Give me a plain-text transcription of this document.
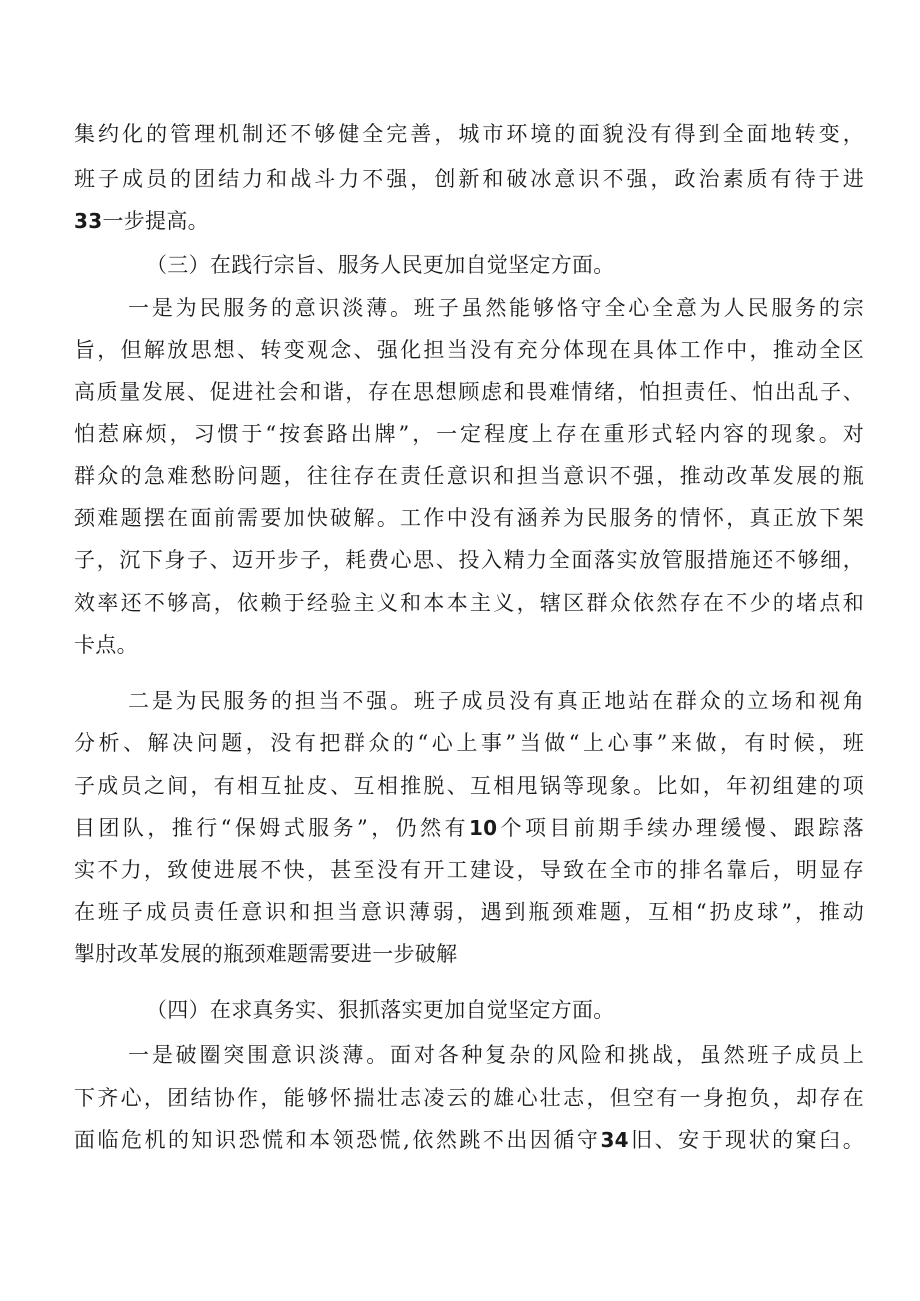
集约化的管理机制还不够健全完善，城市环境的面貌没有得到全面地转变，
班子成员的团结力和战斗力不强，创新和破冰意识不强，政治素质有待于进
33一步提高。
（三）在践行宗旨、服务人民更加自觉坚定方面。
一是为民服务的意识淡薄。班子虽然能够恪守全心全意为人民服务的宗
旨，但解放思想、转变观念、强化担当没有充分体现在具体工作中，推动全区
高质量发展、促进社会和谐，存在思想顾虑和畏难情绪，怕担责任、怕出乱子、
怕惹麻烦，习惯于“按套路出牌”，一定程度上存在重形式轻内容的现象。对
群众的急难愁盼问题，往往存在责任意识和担当意识不强，推动改革发展的瓶
颈难题摆在面前需要加快破解。工作中没有涵养为民服务的情怀，真正放下架
子，沉下身子、迈开步子，耗费心思、投入精力全面落实放管服措施还不够细，
效率还不够高，依赖于经验主义和本本主义，辖区群众依然存在不少的堵点和
卡点。
二是为民服务的担当不强。班子成员没有真正地站在群众的立场和视角
分析、解决问题，没有把群众的“心上事”当做“上心事”来做，有时候，班
子成员之间，有相互扯皮、互相推脱、互相甩锅等现象。比如，年初组建的项
目团队，推行“保姆式服务”，仍然有10个项目前期手续办理缓慢、跟踪落
实不力，致使进展不快，甚至没有开工建设，导致在全市的排名靠后，明显存
在班子成员责任意识和担当意识薄弱，遇到瓶颈难题，互相“扔皮球”，推动
掣肘改革发展的瓶颈难题需要进一步破解
（四）在求真务实、狠抓落实更加自觉坚定方面。
一是破圈突围意识淡薄。面对各种复杂的风险和挑战，虽然班子成员上
下齐心，团结协作，能够怀揣壮志凌云的雄心壮志，但空有一身抱负，却存在
面临危机的知识恐慌和本领恐慌,依然跳不出因循守34旧、安于现状的窠臼。
